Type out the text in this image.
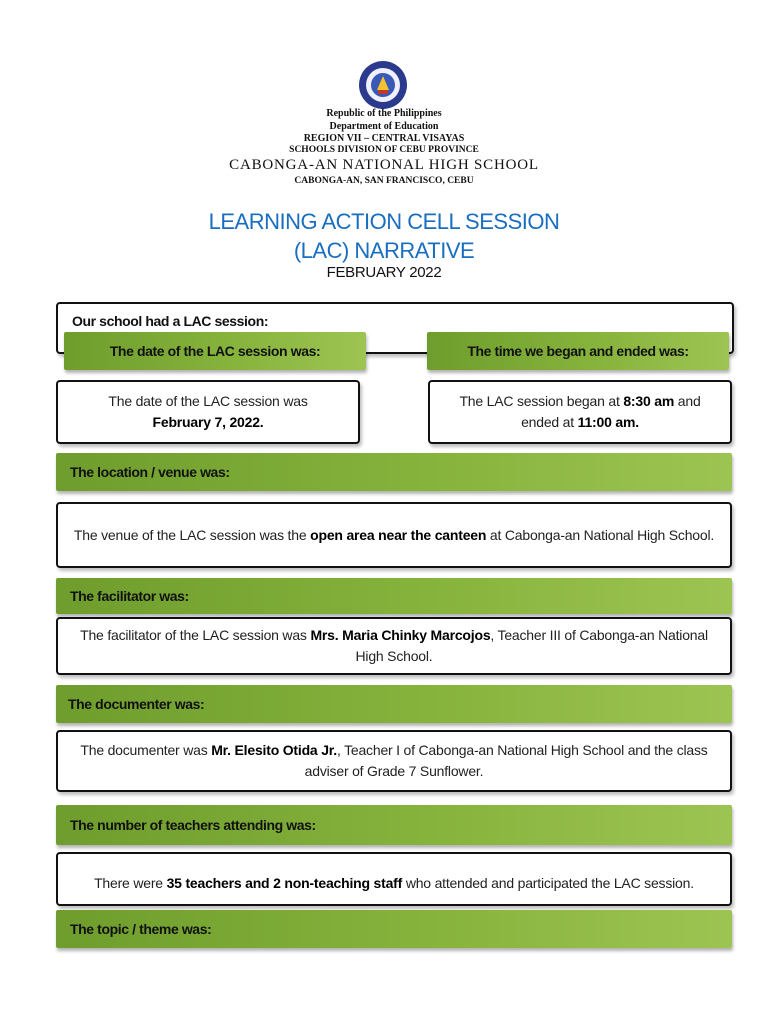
Republic of the Philippines
Department of Education
REGION VII – CENTRAL VISAYAS
SCHOOLS DIVISION OF CEBU PROVINCE
CABONGA-AN NATIONAL HIGH SCHOOL
CABONGA-AN, SAN FRANCISCO, CEBU
LEARNING ACTION CELL SESSION
(LAC) NARRATIVE
FEBRUARY 2022
Our school had a LAC session:
The date of the LAC session was:	The time we began and ended was:
The date of the LAC session was
February 7, 2022.
The LAC session began at 8:30 am and
ended at 11:00 am.
The location / venue was:
The venue of the LAC session was the open area near the canteen at Cabonga-an National High School.
The facilitator was:
The facilitator of the LAC session was Mrs. Maria Chinky Marcojos, Teacher III of Cabonga-an National High School.
The documenter was:
The documenter was Mr. Elesito Otida Jr., Teacher I of Cabonga-an National High School and the class adviser of Grade 7 Sunflower.
The number of teachers attending was:
There were 35 teachers and 2 non-teaching staff who attended and participated the LAC session.
The topic / theme was:
